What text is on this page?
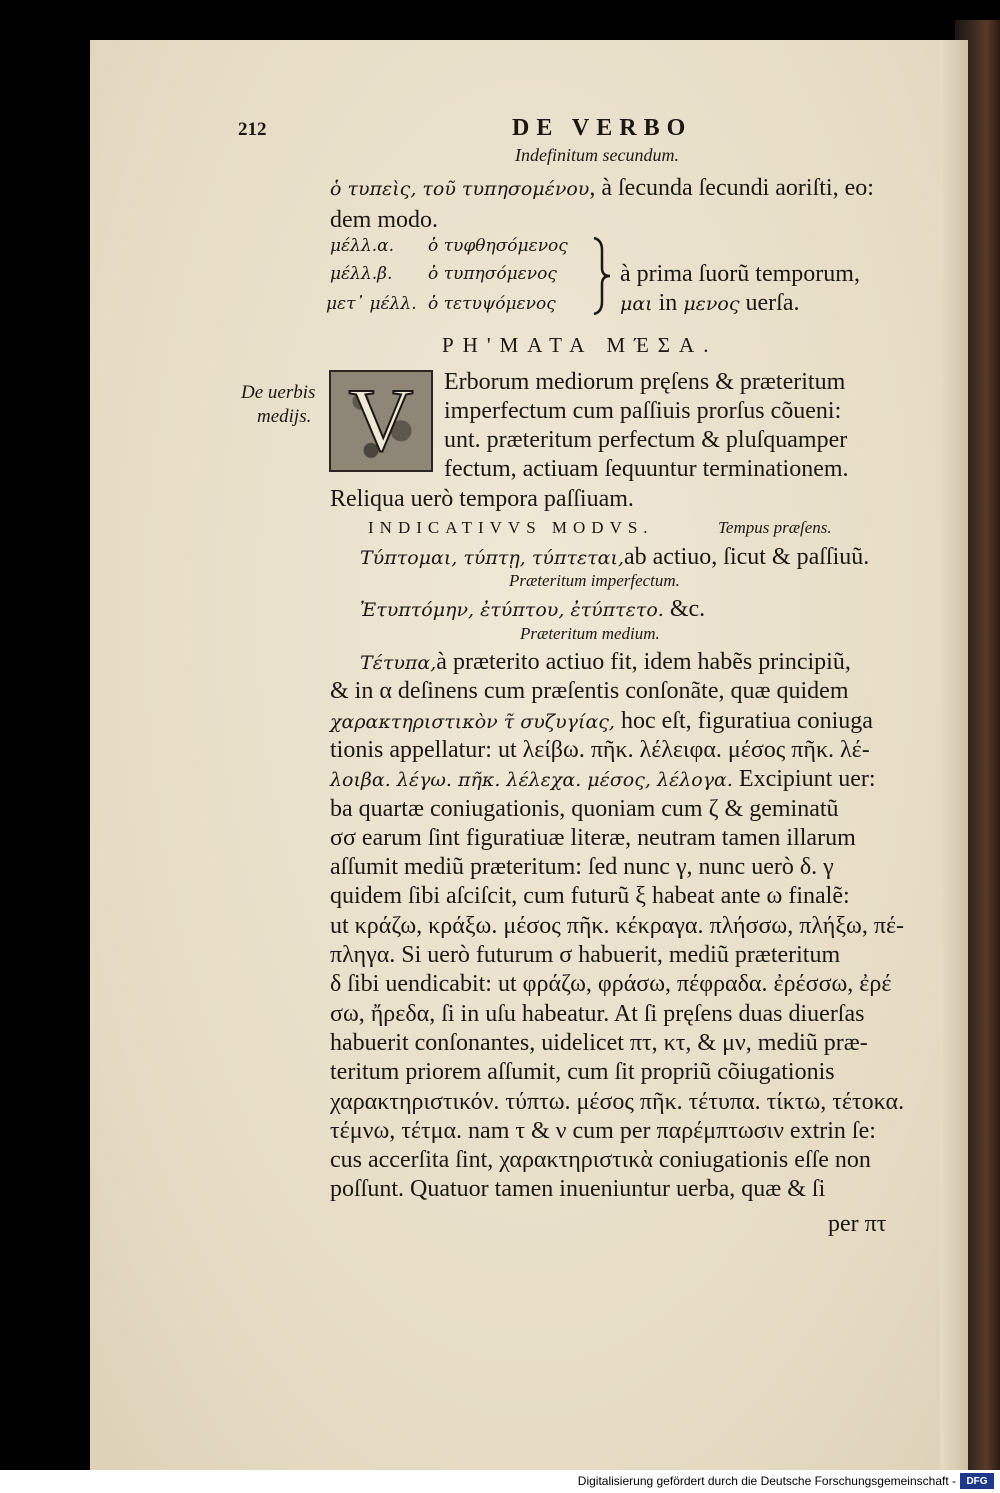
212	DE VERBO
Indefinitum secundum.
ὁ τυπεὶς, τοῦ τυπησομένου, à ſecunda ſecundi aoriſti, eo:
dem modo.
μέλλ.α. ὁ τυφθησόμενος
μέλλ.β. ὁ τυπησόμενος
μετ᾽ μέλλ. ὁ τετυψόμενος
à prima ſuorũ temporum,
μαι in μενος uerſa.
ΡΗ'ΜΑΤΑ ΜΈΣΑ.
De uerbis
medijs. V Erborum mediorum pręſens & præteritum
imperfectum cum paſſiuis prorſus cõueni:
unt. præteritum perfectum & pluſquamper
fectum, actiuam ſequuntur terminationem.
Reliqua uerò tempora paſſiuam.
INDICATIVVS MODVS.	Tempus præſens.
Τύπτομαι, τύπτῃ, τύπτεται,ab actiuo, ſicut & paſſiuũ.
Præteritum imperfectum.
Ἐτυπτόμην, ἐτύπτου, ἐτύπτετο. &c.
Præteritum medium.
Τέτυπα,à præterito actiuo fit, idem habẽs principiũ,
& in α deſinens cum præſentis conſonãte, quæ quidem
χαρακτηριστικὸν τ̃ συζυγίας, hoc eſt, figuratiua coniuga
tionis appellatur: ut λείβω. πῆκ. λέλειφα. μέσος πῆκ. λέ-
λοιβα. λέγω. πῆκ. λέλεχα. μέσος, λέλογα. Excipiunt uer:
ba quartæ coniugationis, quoniam cum ζ & geminatũ
σσ earum ſint figuratiuæ literæ, neutram tamen illarum
aſſumit mediũ præteritum: ſed nunc γ, nunc uerò δ. γ
quidem ſibi aſciſcit, cum futurũ ξ habeat ante ω finalẽ:
ut κράζω, κράξω. μέσος πῆκ. κέκραγα. πλήσσω, πλήξω, πέ-
πληγα. Si uerò futurum σ habuerit, mediũ præteritum
δ ſibi uendicabit: ut φράζω, φράσω, πέφραδα. ἐρέσσω, ἐρέ
σω, ἤρεδα, ſi in uſu habeatur. At ſi pręſens duas diuerſas
habuerit conſonantes, uidelicet πτ, κτ, & μν, mediũ præ-
teritum priorem aſſumit, cum ſit propriũ cõiugationis
χαρακτηριστικόν. τύπτω. μέσος πῆκ. τέτυπα. τίκτω, τέτοκα.
τέμνω, τέτμα. nam τ & ν cum per παρέμπτωσιν extrin ſe:
cus accerſita ſint, χαρακτηριστικὰ coniugationis eſſe non
poſſunt. Quatuor tamen inueniuntur uerba, quæ & ſi
per πτ
Digitalisierung gefördert durch die Deutsche Forschungsgemeinschaft -	DFG
